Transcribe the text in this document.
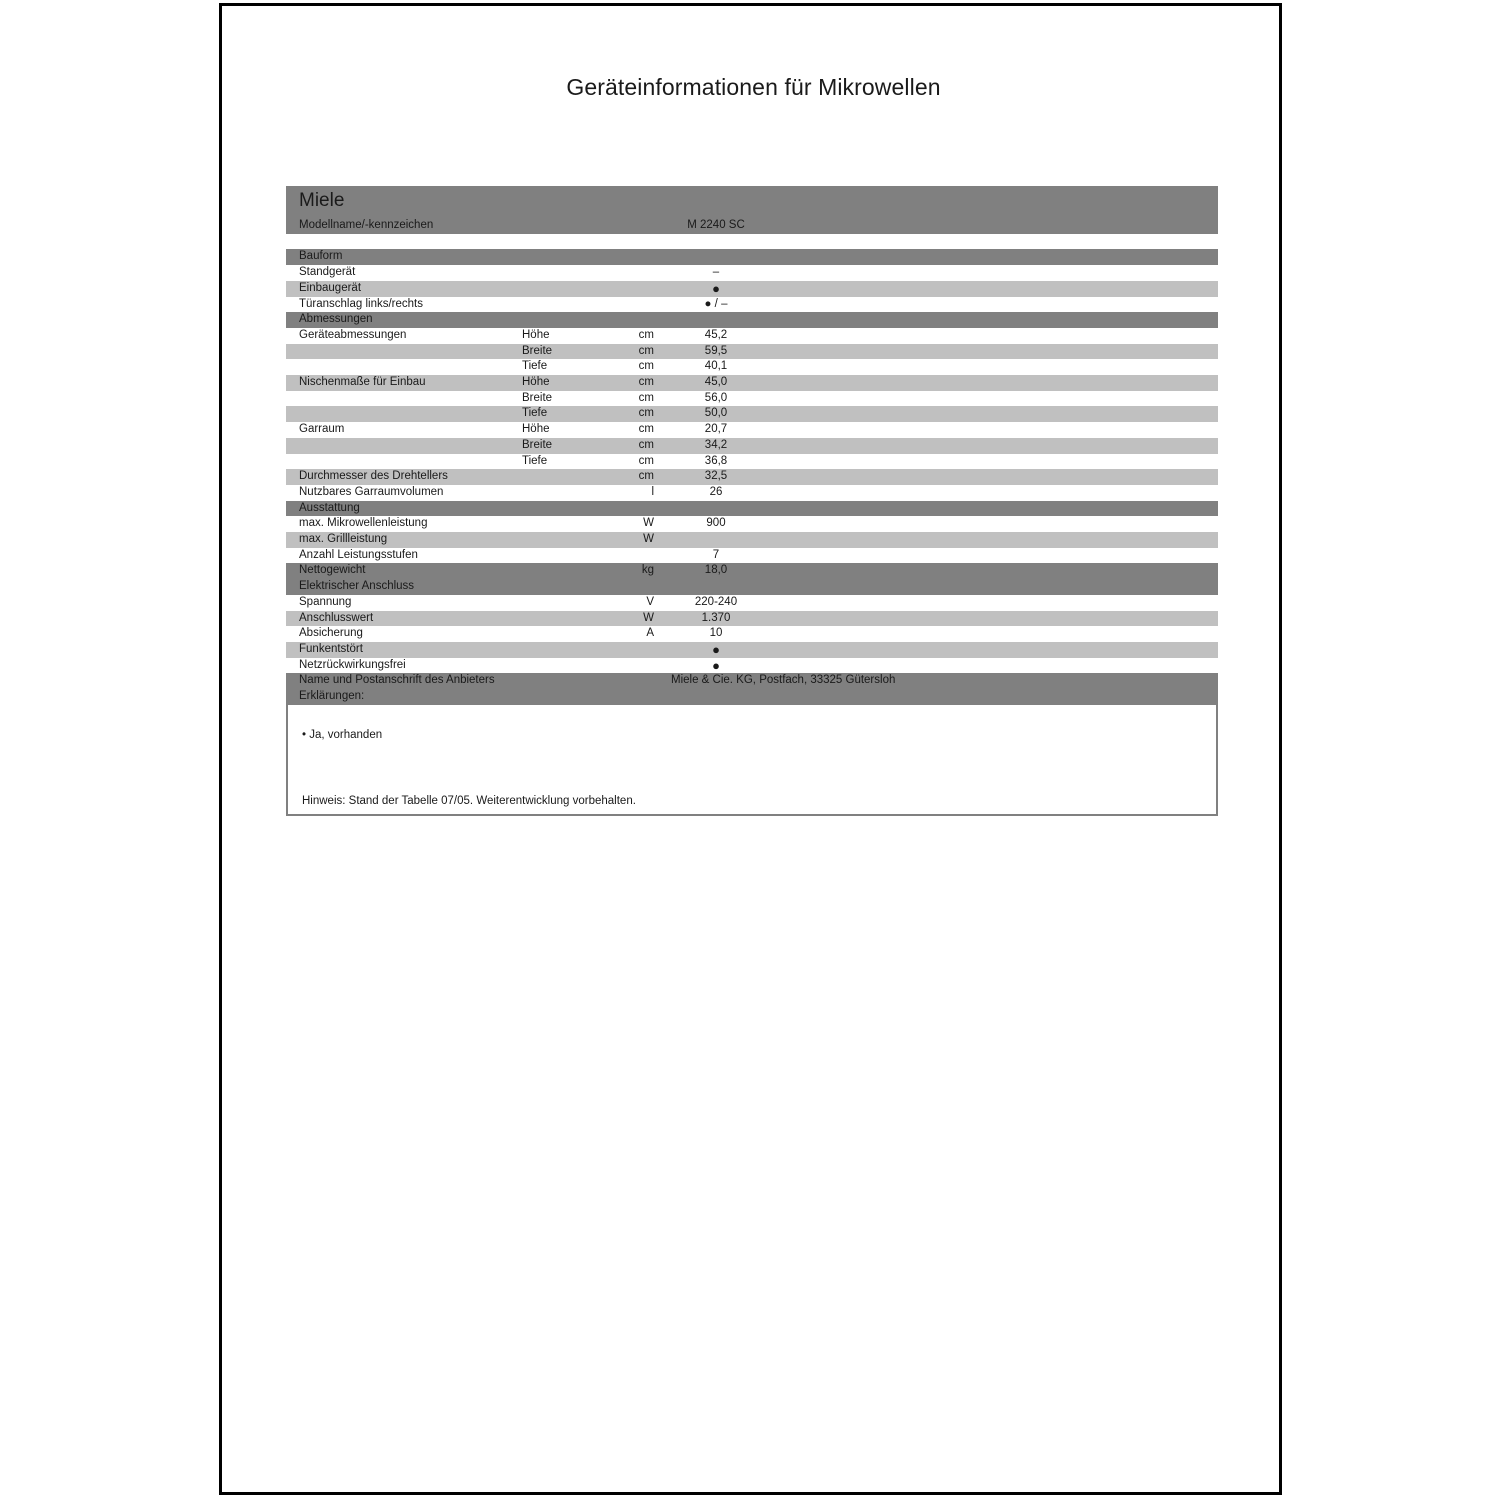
Geräteinformationen für Mikrowellen
Miele							
Modellname/-kennzeichen			M 2240 SC				

Bauform							
Standgerät			–				
Einbaugerät			●				
Türanschlag links/rechts			● / –				
Abmessungen							
Geräteabmessungen	Höhe	cm	45,2				
	Breite	cm	59,5				
	Tiefe	cm	40,1				
Nischenmaße für Einbau	Höhe	cm	45,0				
	Breite	cm	56,0				
	Tiefe	cm	50,0				
Garraum	Höhe	cm	20,7				
	Breite	cm	34,2				
	Tiefe	cm	36,8				
Durchmesser des Drehtellers		cm	32,5				
Nutzbares Garraumvolumen		l	26				
Ausstattung							
max. Mikrowellenleistung		W	900				
max. Grillleistung		W					
Anzahl Leistungsstufen			7				
Nettogewicht		kg	18,0				
Elektrischer Anschluss							
Spannung		V	220-240				
Anschlusswert		W	1.370				
Absicherung		A	10				
Funkentstört			●				
Netzrückwirkungsfrei			●				
Name und Postanschrift des Anbieters			Miele & Cie. KG, Postfach, 33325 Gütersloh				
Erklärungen:							
• Ja, vorhanden
Hinweis: Stand der Tabelle 07/05. Weiterentwicklung vorbehalten.
